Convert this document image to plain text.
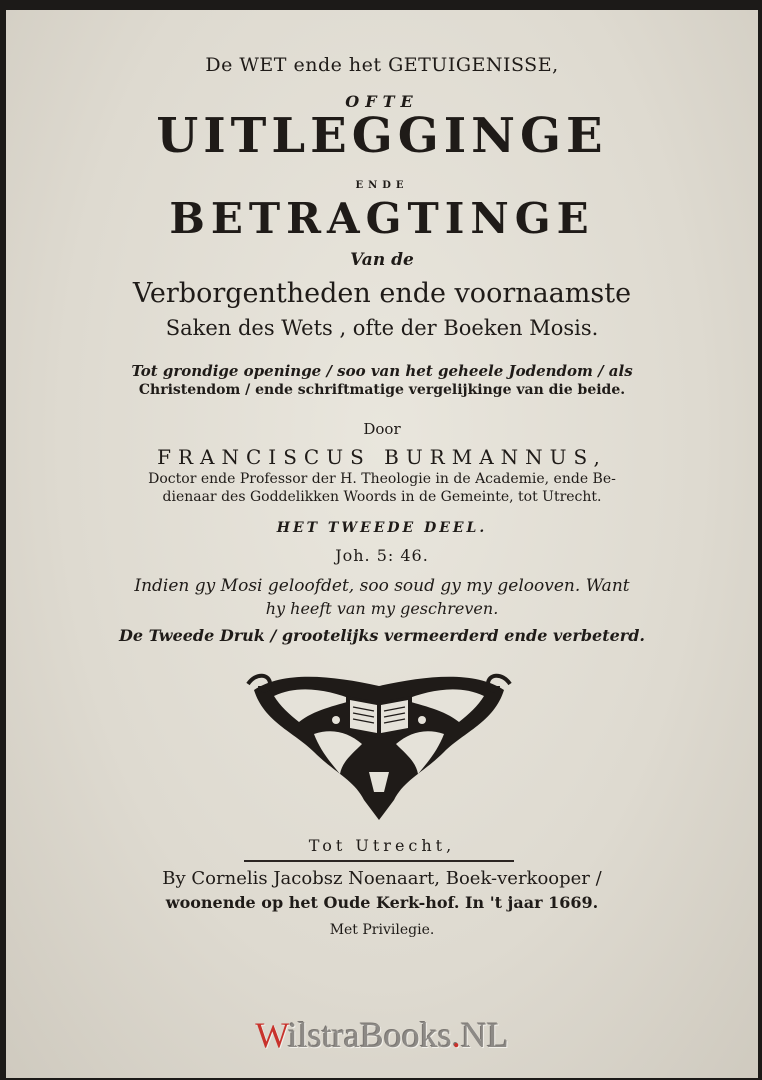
De WET ende het GETUIGENISSE,
OFTE
UITLEGGINGE
ENDE
BETRAGTINGE
Van de
Verborgentheden ende voornaamste
Saken des Wets , ofte der Boeken Mosis.
Tot grondige openinge / soo van het geheele Jodendom / als
Christendom / ende schriftmatige vergelijkinge van die beide.
Door
FRANCISCUS BURMANNUS,
Doctor ende Professor der H. Theologie in de Academie, ende Be-
dienaar des Goddelikken Woords in de Gemeinte, tot Utrecht.
HET TWEEDE DEEL.
Joh. 5: 46.
Indien gy Mosi geloofdet, soo soud gy my gelooven. Want
hy heeft van my geschreven.
De Tweede Druk / grootelijks vermeerderd ende verbeterd.
Tot Utrecht,
By Cornelis Jacobsz Noenaart, Boek-verkooper /
woonende op het Oude Kerk-hof. In 't jaar 1669.
Met Privilegie.
WilstraBooks.NL
